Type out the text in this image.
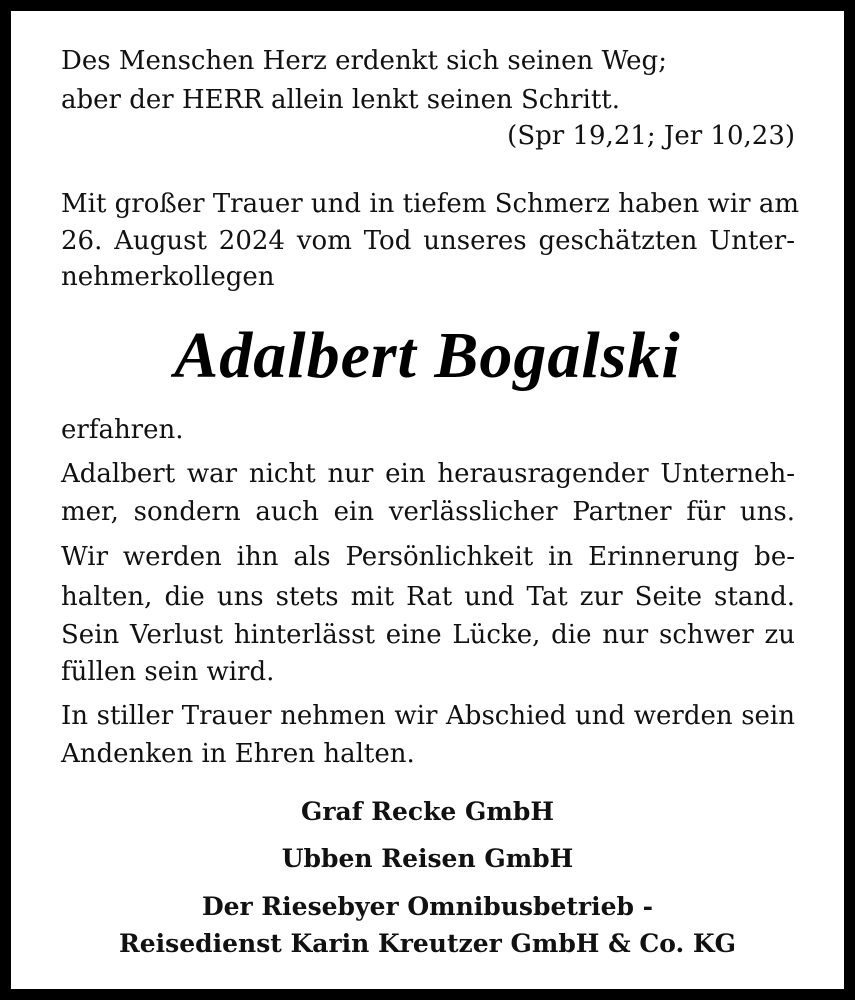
Des Menschen Herz erdenkt sich seinen Weg;
aber der HERR allein lenkt seinen Schritt.
(Spr 19,21; Jer 10,23)
Mit großer Trauer und in tiefem Schmerz haben wir am
26. August 2024 vom Tod unseres geschätzten Unter-
nehmerkollegen
Adalbert Bogalski
erfahren.
Adalbert war nicht nur ein herausragender Unterneh-
mer, sondern auch ein verlässlicher Partner für uns.
Wir werden ihn als Persönlichkeit in Erinnerung be-
halten, die uns stets mit Rat und Tat zur Seite stand.
Sein Verlust hinterlässt eine Lücke, die nur schwer zu
füllen sein wird.
In stiller Trauer nehmen wir Abschied und werden sein
Andenken in Ehren halten.
Graf Recke GmbH
Ubben Reisen GmbH
Der Riesebyer Omnibusbetrieb -
Reisedienst Karin Kreutzer GmbH & Co. KG
